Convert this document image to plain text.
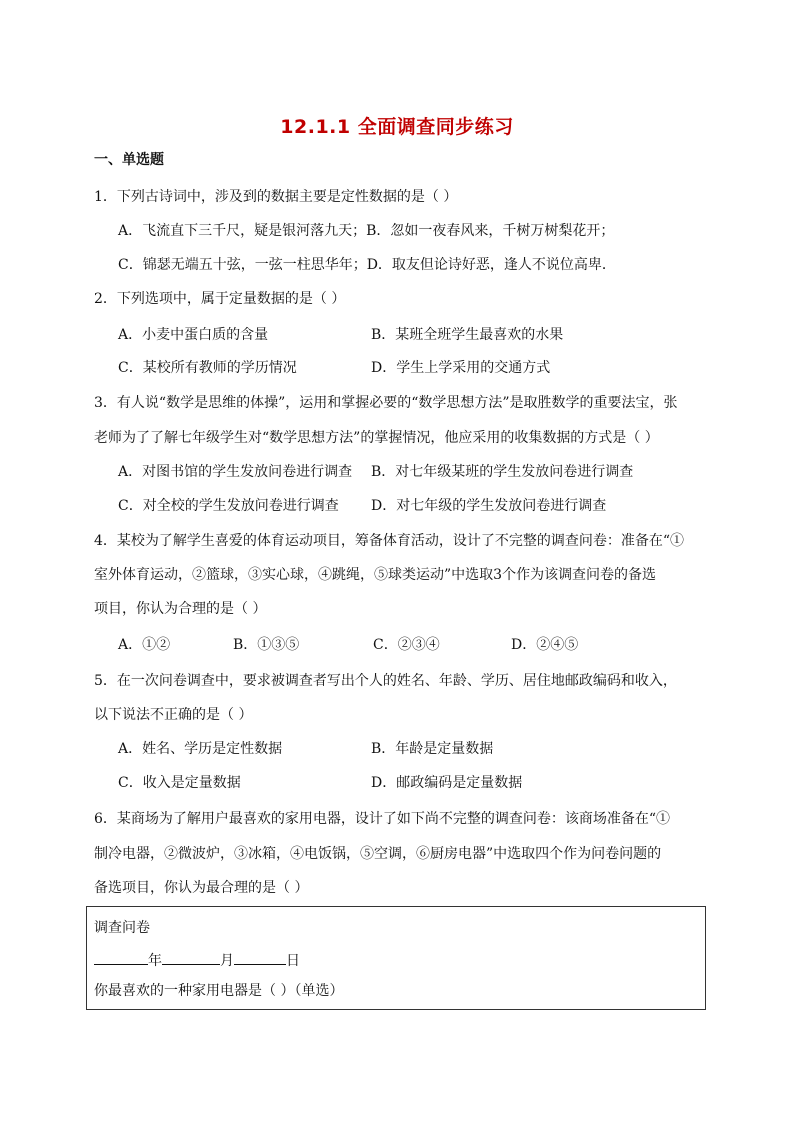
12.1.1 全面调查同步练习
一、单选题
1．下列古诗词中，涉及到的数据主要是定性数据的是（ ）
A．飞流直下三千尺，疑是银河落九天；B．忽如一夜春风来，千树万树梨花开；
C．锦瑟无端五十弦，一弦一柱思华年；D．取友但论诗好恶，逢人不说位高卑．
2．下列选项中，属于定量数据的是（ ）
A．小麦中蛋白质的含量	B．某班全班学生最喜欢的水果
C．某校所有教师的学历情况	D．学生上学采用的交通方式
3．有人说“数学是思维的体操”，运用和掌握必要的“数学思想方法”是取胜数学的重要法宝，张
老师为了了解七年级学生对“数学思想方法”的掌握情况，他应采用的收集数据的方式是（ ）
A．对图书馆的学生发放问卷进行调查 B．对七年级某班的学生发放问卷进行调查
C．对全校的学生发放问卷进行调查 D．对七年级的学生发放问卷进行调查
4．某校为了解学生喜爱的体育运动项目，筹备体育活动，设计了不完整的调查问卷：准备在“①
室外体育运动，②篮球，③实心球，④跳绳，⑤球类运动”中选取3个作为该调查问卷的备选
项目，你认为合理的是（ ）
A．①②	B．①③⑤	C．②③④	D．②④⑤
5．在一次问卷调查中，要求被调查者写出个人的姓名、年龄、学历、居住地邮政编码和收入，
以下说法不正确的是（ ）
A．姓名、学历是定性数据	B．年龄是定量数据
C．收入是定量数据	D．邮政编码是定量数据
6．某商场为了解用户最喜欢的家用电器，设计了如下尚不完整的调查问卷：该商场准备在“①
制冷电器，②微波炉，③冰箱，④电饭锅，⑤空调，⑥厨房电器”中选取四个作为问卷问题的
备选项目，你认为最合理的是（ ）
调查问卷
年	月	日
你最喜欢的一种家用电器是（ ）（单选）
